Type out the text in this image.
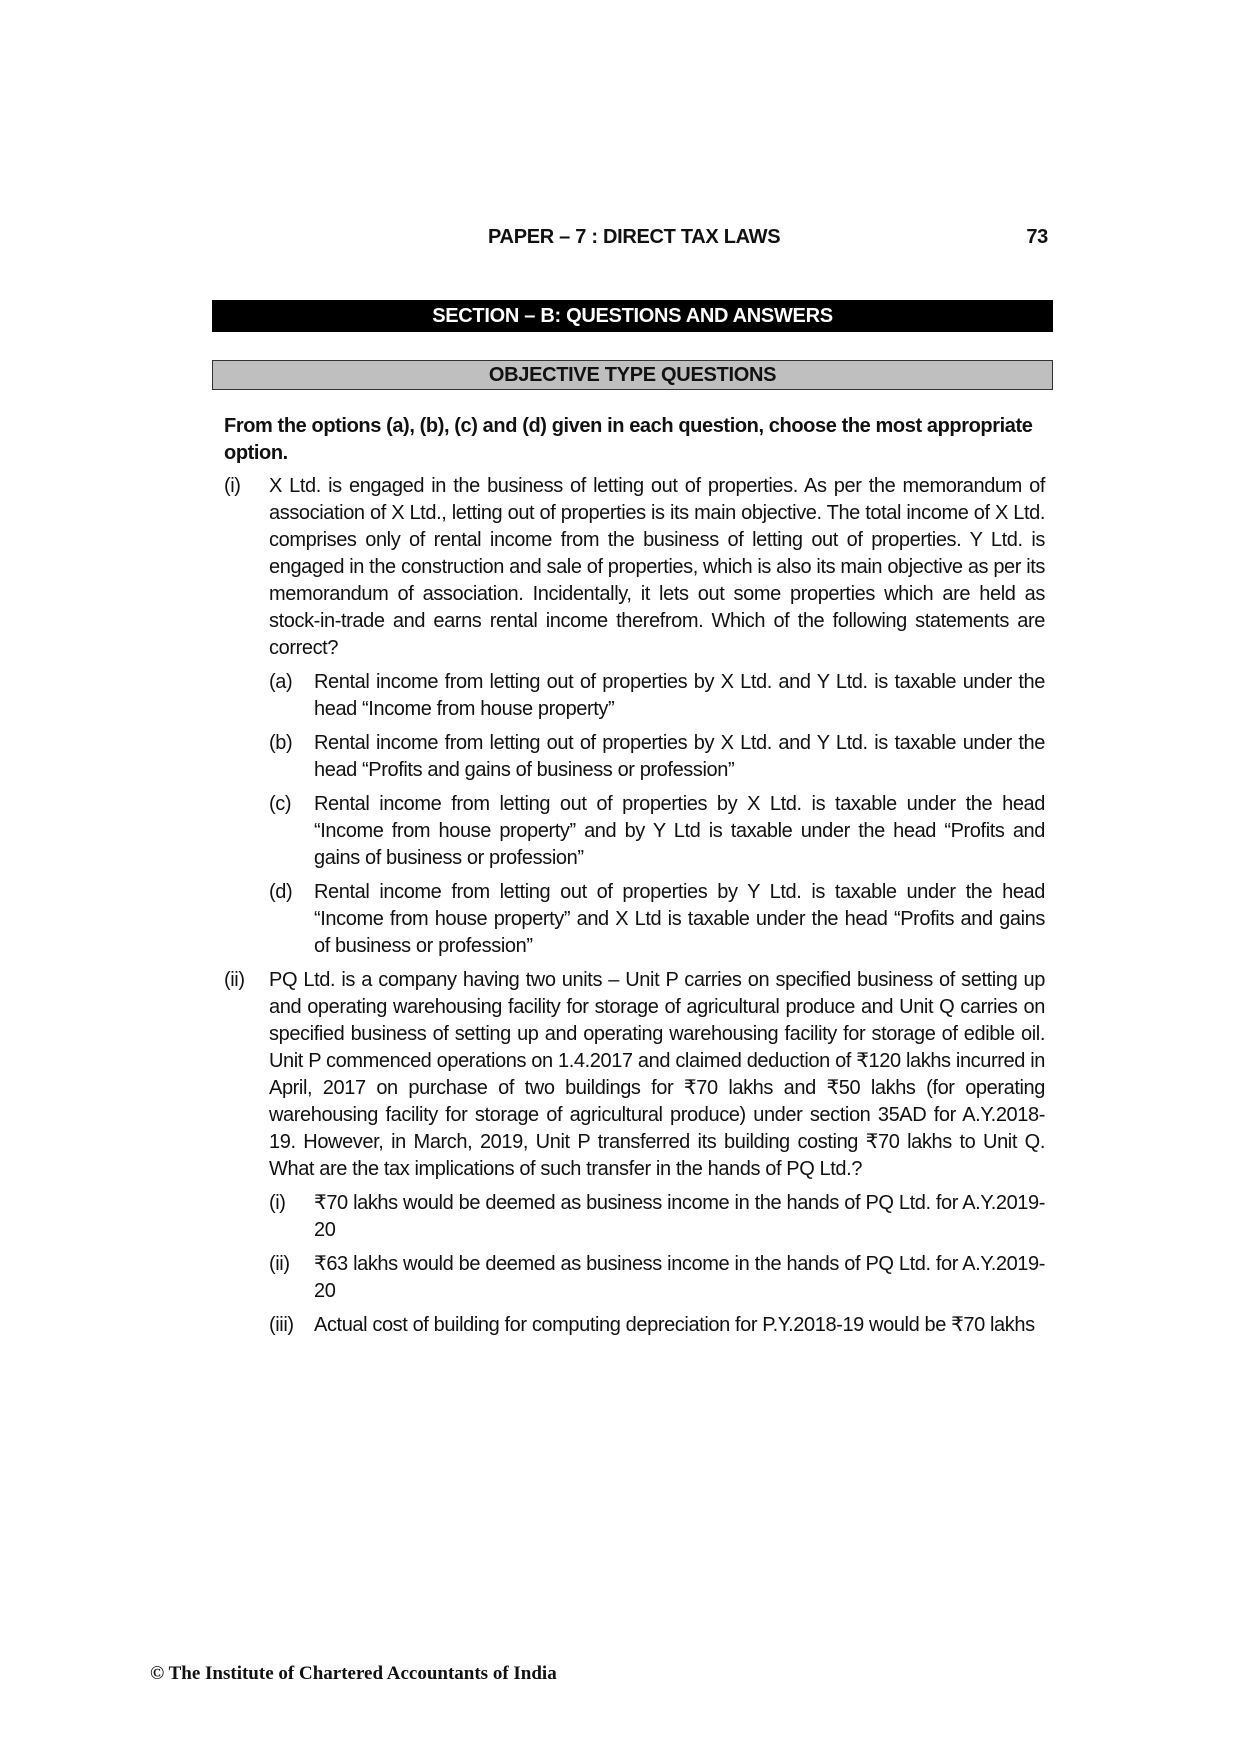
PAPER – 7 : DIRECT TAX LAWS	73
SECTION – B: QUESTIONS AND ANSWERS
OBJECTIVE TYPE QUESTIONS
From the options (a), (b), (c) and (d) given in each question, choose the most appropriate option.
(i) X Ltd. is engaged in the business of letting out of properties. As per the memorandum of association of X Ltd., letting out of properties is its main objective. The total income of X Ltd. comprises only of rental income from the business of letting out of properties. Y Ltd. is engaged in the construction and sale of properties, which is also its main objective as per its memorandum of association. Incidentally, it lets out some properties which are held as stock-in-trade and earns rental income therefrom. Which of the following statements are correct?
(a) Rental income from letting out of properties by X Ltd. and Y Ltd. is taxable under the head “Income from house property”
(b) Rental income from letting out of properties by X Ltd. and Y Ltd. is taxable under the head “Profits and gains of business or profession”
(c) Rental income from letting out of properties by X Ltd. is taxable under the head “Income from house property” and by Y Ltd is taxable under the head “Profits and gains of business or profession”
(d) Rental income from letting out of properties by Y Ltd. is taxable under the head “Income from house property” and X Ltd is taxable under the head “Profits and gains of business or profession”
(ii) PQ Ltd. is a company having two units – Unit P carries on specified business of setting up and operating warehousing facility for storage of agricultural produce and Unit Q carries on specified business of setting up and operating warehousing facility for storage of edible oil. Unit P commenced operations on 1.4.2017 and claimed deduction of ₹120 lakhs incurred in April, 2017 on purchase of two buildings for ₹70 lakhs and ₹50 lakhs (for operating warehousing facility for storage of agricultural produce) under section 35AD for A.Y.2018-19. However, in March, 2019, Unit P transferred its building costing ₹70 lakhs to Unit Q. What are the tax implications of such transfer in the hands of PQ Ltd.?
(i) ₹70 lakhs would be deemed as business income in the hands of PQ Ltd. for A.Y.2019-20
(ii) ₹63 lakhs would be deemed as business income in the hands of PQ Ltd. for A.Y.2019-20
(iii) Actual cost of building for computing depreciation for P.Y.2018-19 would be ₹70 lakhs
© The Institute of Chartered Accountants of India
